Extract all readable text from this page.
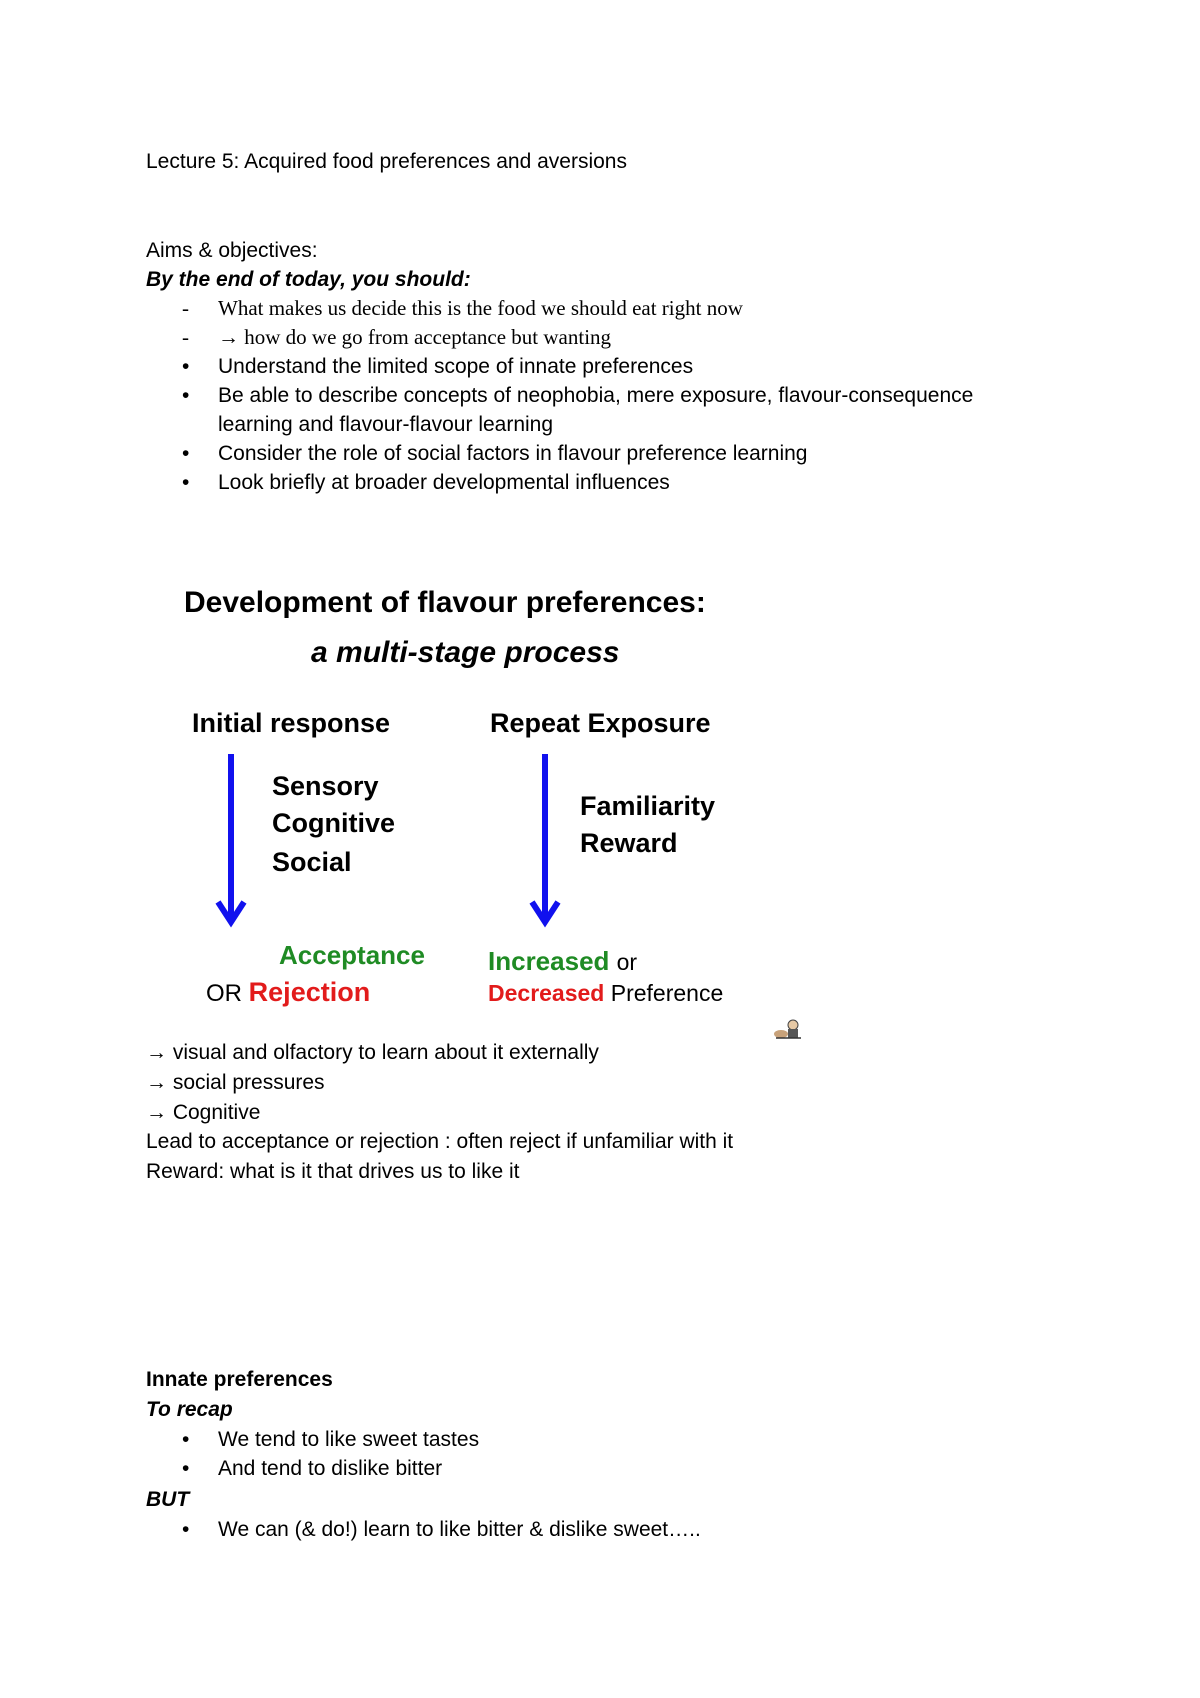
Lecture 5: Acquired food preferences and aversions
Aims & objectives:
By the end of today, you should:
- What makes us decide this is the food we should eat right now
- → how do we go from acceptance but wanting
• Understand the limited scope of innate preferences
• Be able to describe concepts of neophobia, mere exposure, flavour-consequence
learning and flavour-flavour learning
• Consider the role of social factors in flavour preference learning
• Look briefly at broader developmental influences
Development of flavour preferences:
a multi-stage process
Initial response
Sensory
Cognitive
Social
Acceptance
OR Rejection
Repeat Exposure
Familiarity
Reward
Increased or
Decreased Preference
→ visual and olfactory to learn about it externally
→ social pressures
→ Cognitive
Lead to acceptance or rejection : often reject if unfamiliar with it
Reward: what is it that drives us to like it
Innate preferences
To recap
• We tend to like sweet tastes
• And tend to dislike bitter
BUT
• We can (& do!) learn to like bitter & dislike sweet…..
